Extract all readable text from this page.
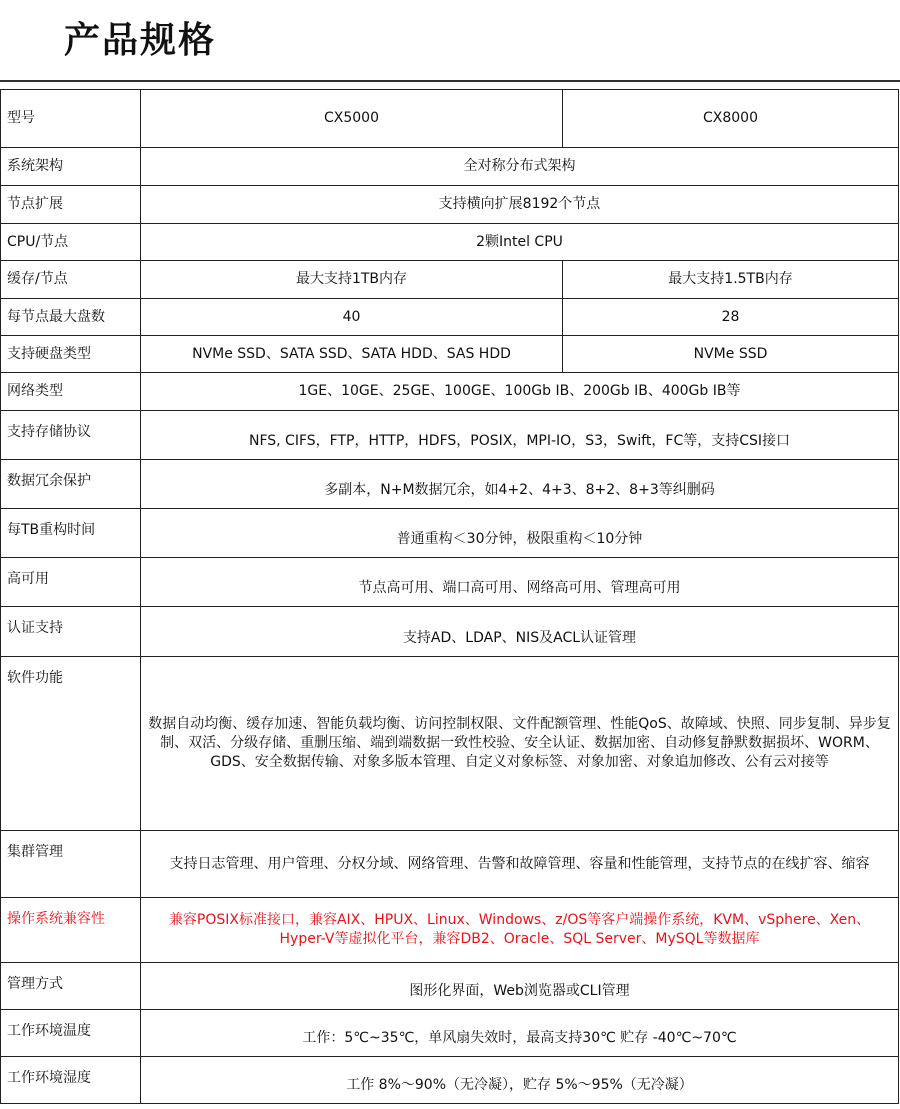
产品规格
型号	CX5000	CX8000
系统架构	全对称分布式架构	
节点扩展	支持横向扩展8192个节点	
CPU/节点	2颗Intel CPU	
缓存/节点	最大支持1TB内存	最大支持1.5TB内存
每节点最大盘数	40	28
支持硬盘类型	NVMe SSD、SATA SSD、SATA HDD、SAS HDD	NVMe SSD
网络类型	1GE、10GE、25GE、100GE、100Gb IB、200Gb IB、400Gb IB等	
支持存储协议	NFS, CIFS，FTP，HTTP，HDFS，POSIX，MPI-IO，S3，Swift，FC等，支持CSI接口	
数据冗余保护	多副本，N+M数据冗余，如4+2、4+3、8+2、8+3等纠删码	
每TB重构时间	普通重构＜30分钟，极限重构＜10分钟	
高可用	节点高可用、端口高可用、网络高可用、管理高可用	
认证支持	支持AD、LDAP、NIS及ACL认证管理	
软件功能	数据自动均衡、缓存加速、智能负载均衡、访问控制权限、文件配额管理、性能QoS、故障域、快照、同步复制、异步复制、双活、分级存储、重删压缩、端到端数据一致性校验、安全认证、数据加密、自动修复静默数据损坏、WORM、GDS、安全数据传输、对象多版本管理、自定义对象标签、对象加密、对象追加修改、公有云对接等	
集群管理	支持日志管理、用户管理、分权分域、网络管理、告警和故障管理、容量和性能管理，支持节点的在线扩容、缩容	
操作系统兼容性	兼容POSIX标准接口，兼容AIX、HPUX、Linux、Windows、z/OS等客户端操作系统，KVM、vSphere、Xen、Hyper-V等虚拟化平台，兼容DB2、Oracle、SQL Server、MySQL等数据库	
管理方式	图形化界面，Web浏览器或CLI管理	
工作环境温度	工作：5℃~35℃，单风扇失效时，最高支持30℃ 贮存 -40℃~70℃	
工作环境湿度	工作 8%～90%（无冷凝），贮存 5%～95%（无冷凝）	
